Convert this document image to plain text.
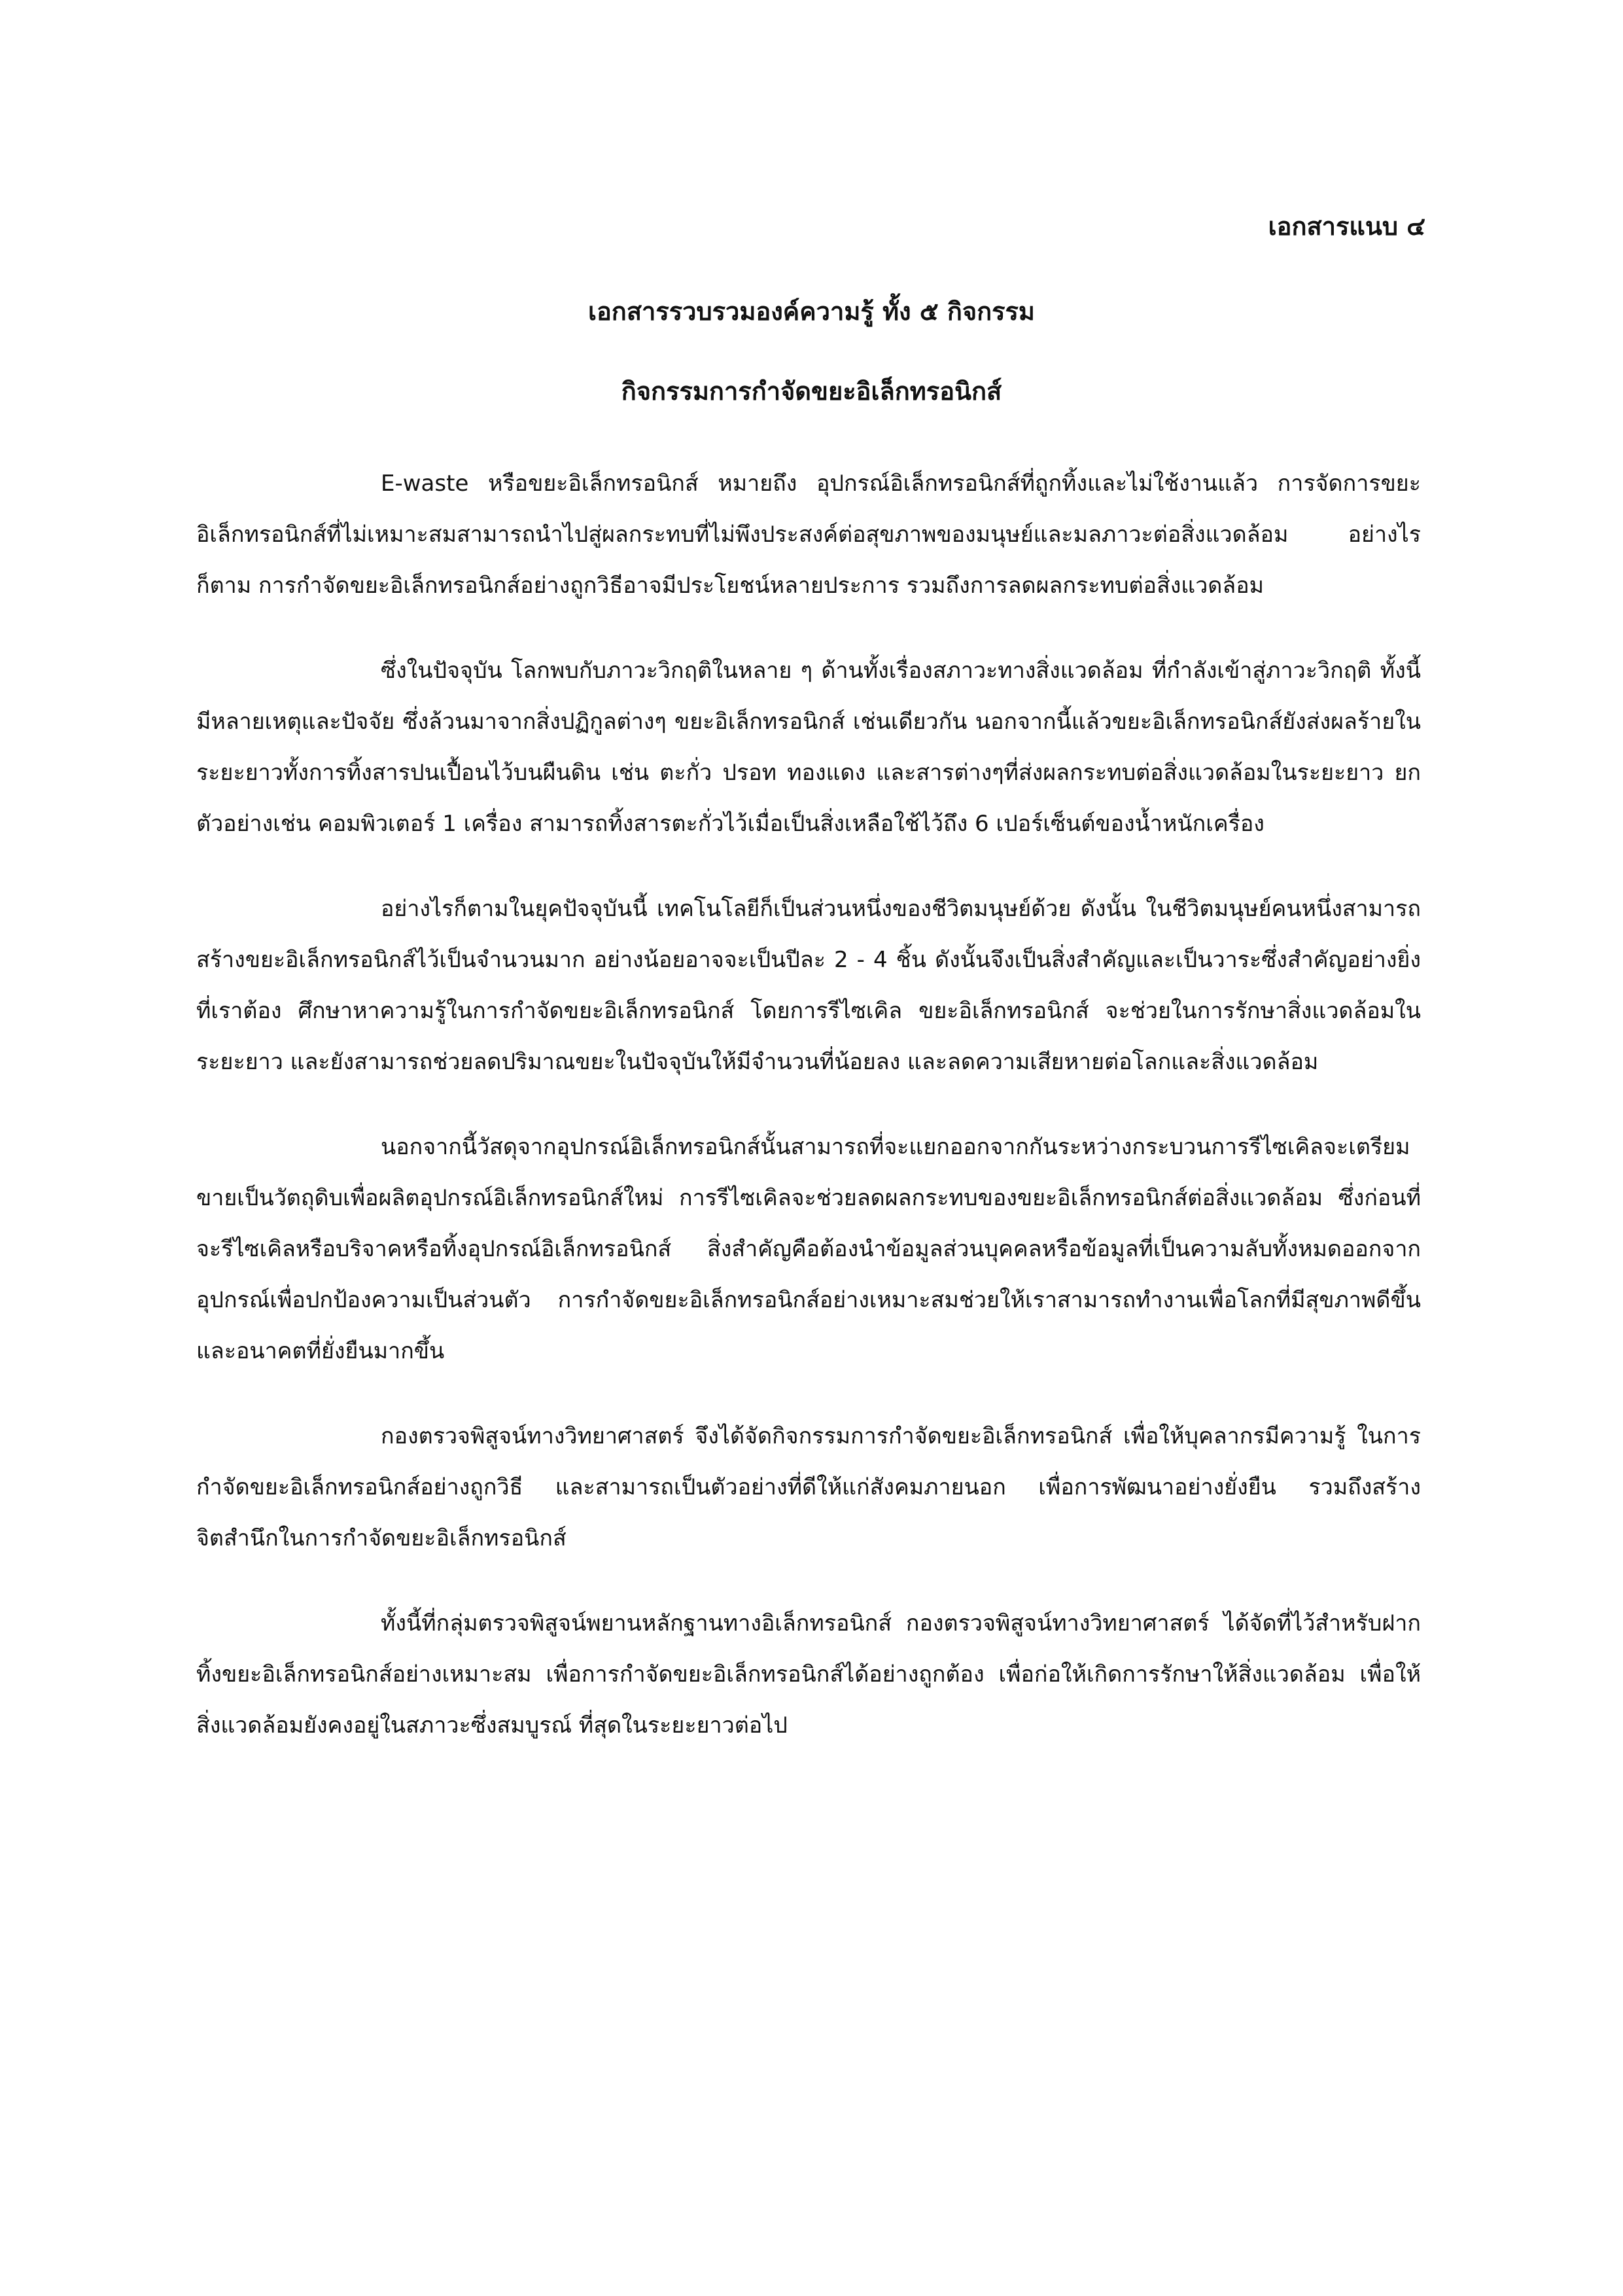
เอกสารแนบ ๔

เอกสารรวบรวมองค์ความรู้ ทั้ง ๕ กิจกรรม
กิจกรรมการกำจัดขยะอิเล็กทรอนิกส์

E-waste หรือขยะอิเล็กทรอนิกส์ หมายถึง อุปกรณ์อิเล็กทรอนิกส์ที่ถูกทิ้งและไม่ใช้งานแล้ว การจัดการขยะอิเล็กทรอนิกส์ที่ไม่เหมาะสมสามารถนำไปสู่ผลกระทบที่ไม่พึงประสงค์ต่อสุขภาพของมนุษย์และมลภาวะต่อสิ่งแวดล้อม อย่างไรก็ตาม การกำจัดขยะอิเล็กทรอนิกส์อย่างถูกวิธีอาจมีประโยชน์หลายประการ รวมถึงการลดผลกระทบต่อสิ่งแวดล้อม

ซึ่งในปัจจุบัน โลกพบกับภาวะวิกฤติในหลาย ๆ ด้านทั้งเรื่องสภาวะทางสิ่งแวดล้อม ที่กำลังเข้าสู่ภาวะวิกฤติ ทั้งนี้มีหลายเหตุและปัจจัย ซึ่งล้วนมาจากสิ่งปฏิกูลต่างๆ ขยะอิเล็กทรอนิกส์ เช่นเดียวกัน นอกจากนี้แล้วขยะอิเล็กทรอนิกส์ยังส่งผลร้ายในระยะยาวทั้งการทิ้งสารปนเปื้อนไว้บนผืนดิน เช่น ตะกั่ว ปรอท ทองแดง และสารต่างๆที่ส่งผลกระทบต่อสิ่งแวดล้อมในระยะยาว ยกตัวอย่างเช่น คอมพิวเตอร์ 1 เครื่อง สามารถทิ้งสารตะกั่วไว้เมื่อเป็นสิ่งเหลือใช้ไว้ถึง 6 เปอร์เซ็นต์ของน้ำหนักเครื่อง

อย่างไรก็ตามในยุคปัจจุบันนี้ เทคโนโลยีก็เป็นส่วนหนึ่งของชีวิตมนุษย์ด้วย ดังนั้น ในชีวิตมนุษย์คนหนึ่งสามารถสร้างขยะอิเล็กทรอนิกส์ไว้เป็นจำนวนมาก อย่างน้อยอาจจะเป็นปีละ 2 - 4 ชิ้น ดังนั้นจึงเป็นสิ่งสำคัญและเป็นวาระซึ่งสำคัญอย่างยิ่งที่เราต้อง ศึกษาหาความรู้ในการกำจัดขยะอิเล็กทรอนิกส์ โดยการรีไซเคิล ขยะอิเล็กทรอนิกส์ จะช่วยในการรักษาสิ่งแวดล้อมในระยะยาว และยังสามารถช่วยลดปริมาณขยะในปัจจุบันให้มีจำนวนที่น้อยลง และลดความเสียหายต่อโลกและสิ่งแวดล้อม

นอกจากนี้วัสดุจากอุปกรณ์อิเล็กทรอนิกส์นั้นสามารถที่จะแยกออกจากกันระหว่างกระบวนการรีไซเคิลจะเตรียมขายเป็นวัตถุดิบเพื่อผลิตอุปกรณ์อิเล็กทรอนิกส์ใหม่ การรีไซเคิลจะช่วยลดผลกระทบของขยะอิเล็กทรอนิกส์ต่อสิ่งแวดล้อม ซึ่งก่อนที่จะรีไซเคิลหรือบริจาคหรือทิ้งอุปกรณ์อิเล็กทรอนิกส์ สิ่งสำคัญคือต้องนำข้อมูลส่วนบุคคลหรือข้อมูลที่เป็นความลับทั้งหมดออกจากอุปกรณ์เพื่อปกป้องความเป็นส่วนตัว การกำจัดขยะอิเล็กทรอนิกส์อย่างเหมาะสมช่วยให้เราสามารถทำงานเพื่อโลกที่มีสุขภาพดีขึ้นและอนาคตที่ยั่งยืนมากขึ้น

กองตรวจพิสูจน์ทางวิทยาศาสตร์ จึงได้จัดกิจกรรมการกำจัดขยะอิเล็กทรอนิกส์ เพื่อให้บุคลากรมีความรู้ ในการกำจัดขยะอิเล็กทรอนิกส์อย่างถูกวิธี และสามารถเป็นตัวอย่างที่ดีให้แก่สังคมภายนอก เพื่อการพัฒนาอย่างยั่งยืน รวมถึงสร้างจิตสำนึกในการกำจัดขยะอิเล็กทรอนิกส์

ทั้งนี้ที่กลุ่มตรวจพิสูจน์พยานหลักฐานทางอิเล็กทรอนิกส์ กองตรวจพิสูจน์ทางวิทยาศาสตร์ ได้จัดที่ไว้สำหรับฝากทิ้งขยะอิเล็กทรอนิกส์อย่างเหมาะสม เพื่อการกำจัดขยะอิเล็กทรอนิกส์ได้อย่างถูกต้อง เพื่อก่อให้เกิดการรักษาให้สิ่งแวดล้อม เพื่อให้สิ่งแวดล้อมยังคงอยู่ในสภาวะซึ่งสมบูรณ์ ที่สุดในระยะยาวต่อไป
